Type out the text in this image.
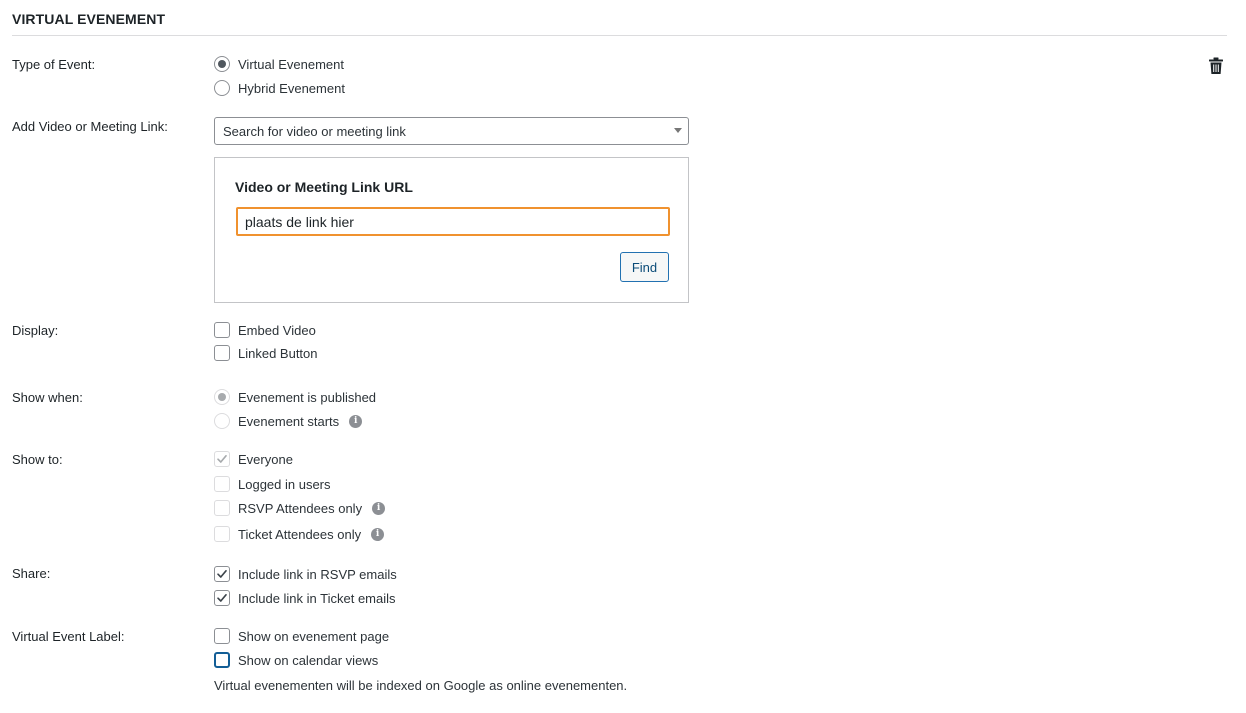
VIRTUAL EVENEMENT
Type of Event:	Virtual Evenement
Hybrid Evenement
Add Video or Meeting Link:	Search for video or meeting link
Video or Meeting Link URL
plaats de link hier
Find
Display:	Embed Video
Linked Button
Show when:	Evenement is published
Evenement starts	i
Show to:	Everyone
Logged in users
RSVP Attendees only	i
Ticket Attendees only	i
Share:	Include link in RSVP emails
Include link in Ticket emails
Virtual Event Label:	Show on evenement page
Show on calendar views
Virtual evenementen will be indexed on Google as online evenementen.
